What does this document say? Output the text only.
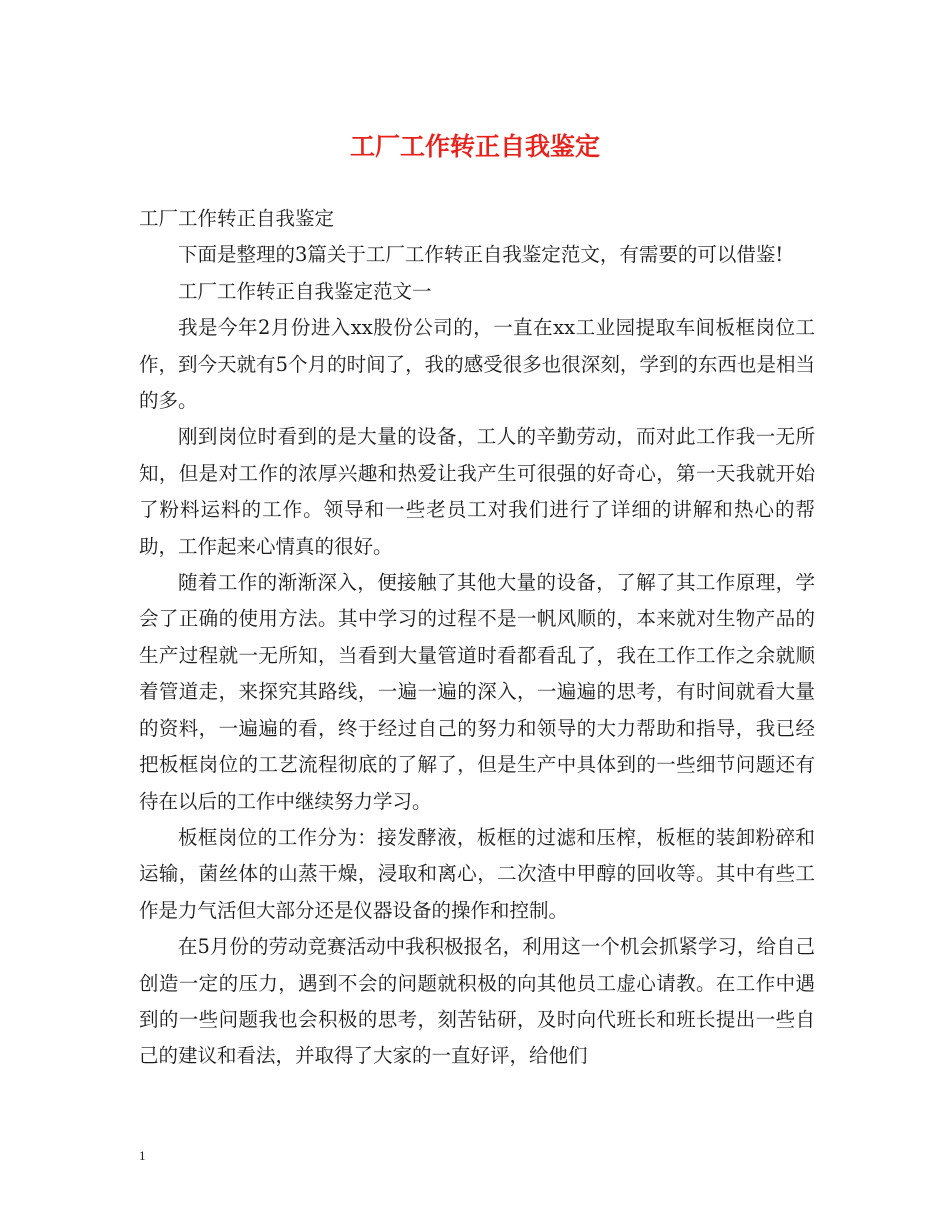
工厂工作转正自我鉴定

工厂工作转正自我鉴定

下面是整理的3篇关于工厂工作转正自我鉴定范文，有需要的可以借鉴!

工厂工作转正自我鉴定范文一

我是今年2月份进入xx股份公司的，一直在xx工业园提取车间板框岗位工作，到今天就有5个月的时间了，我的感受很多也很深刻，学到的东西也是相当的多。

刚到岗位时看到的是大量的设备，工人的辛勤劳动，而对此工作我一无所知，但是对工作的浓厚兴趣和热爱让我产生可很强的好奇心，第一天我就开始了粉料运料的工作。领导和一些老员工对我们进行了详细的讲解和热心的帮助，工作起来心情真的很好。

随着工作的渐渐深入，便接触了其他大量的设备，了解了其工作原理，学会了正确的使用方法。其中学习的过程不是一帆风顺的，本来就对生物产品的生产过程就一无所知，当看到大量管道时看都看乱了，我在工作工作之余就顺着管道走，来探究其路线，一遍一遍的深入，一遍遍的思考，有时间就看大量的资料，一遍遍的看，终于经过自己的努力和领导的大力帮助和指导，我已经把板框岗位的工艺流程彻底的了解了，但是生产中具体到的一些细节问题还有待在以后的工作中继续努力学习。

板框岗位的工作分为：接发酵液，板框的过滤和压榨，板框的装卸粉碎和运输，菌丝体的山蒸干燥，浸取和离心，二次渣中甲醇的回收等。其中有些工作是力气活但大部分还是仪器设备的操作和控制。

在5月份的劳动竞赛活动中我积极报名，利用这一个机会抓紧学习，给自己创造一定的压力，遇到不会的问题就积极的向其他员工虚心请教。在工作中遇到的一些问题我也会积极的思考，刻苦钻研，及时向代班长和班长提出一些自己的建议和看法，并取得了大家的一直好评，给他们

1
